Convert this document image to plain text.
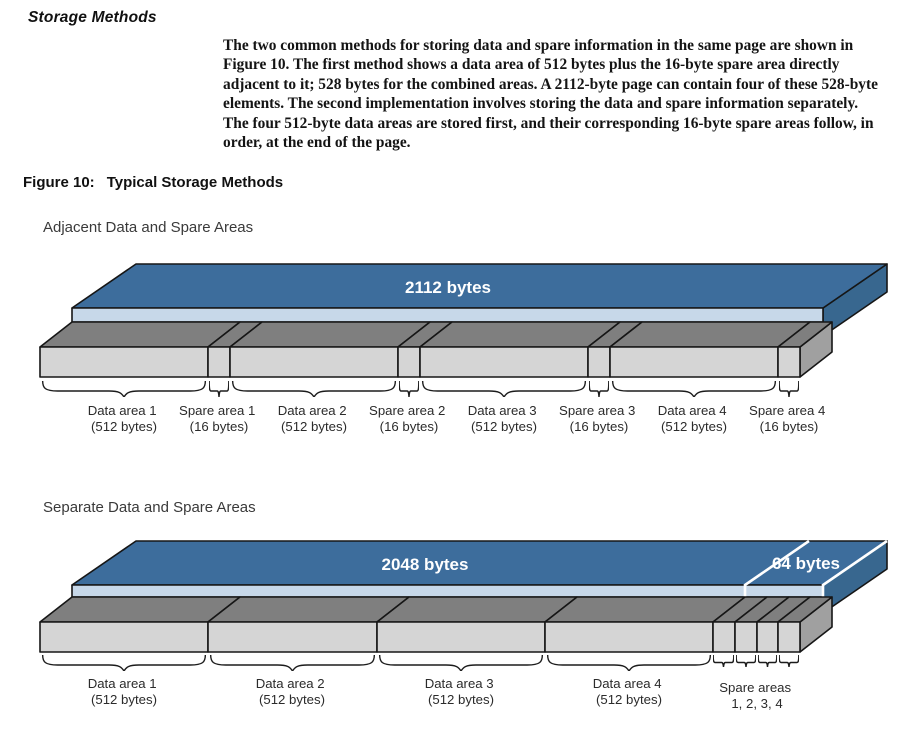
Storage Methods

The two common methods for storing data and spare information in the same page are shown in Figure 10. The first method shows a data area of 512 bytes plus the 16-byte spare area directly adjacent to it; 528 bytes for the combined areas. A 2112-byte page can contain four of these 528-byte elements. The second implementation involves storing the data and spare information separately. The four 512-byte data areas are stored first, and their corresponding 16-byte spare areas follow, in order, at the end of the page.

Figure 10: Typical Storage Methods
Adjacent Data and Spare Areas
2112 bytes
Data area 1 (512 bytes)
Spare area 1 (16 bytes)
Data area 2 (512 bytes)
Spare area 2 (16 bytes)
Data area 3 (512 bytes)
Spare area 3 (16 bytes)
Data area 4 (512 bytes)
Spare area 4 (16 bytes)
Separate Data and Spare Areas
2048 bytes	64 bytes
Data area 1 (512 bytes)
Data area 2 (512 bytes)
Data area 3 (512 bytes)
Data area 4 (512 bytes)
Spare areas 1, 2, 3, 4
